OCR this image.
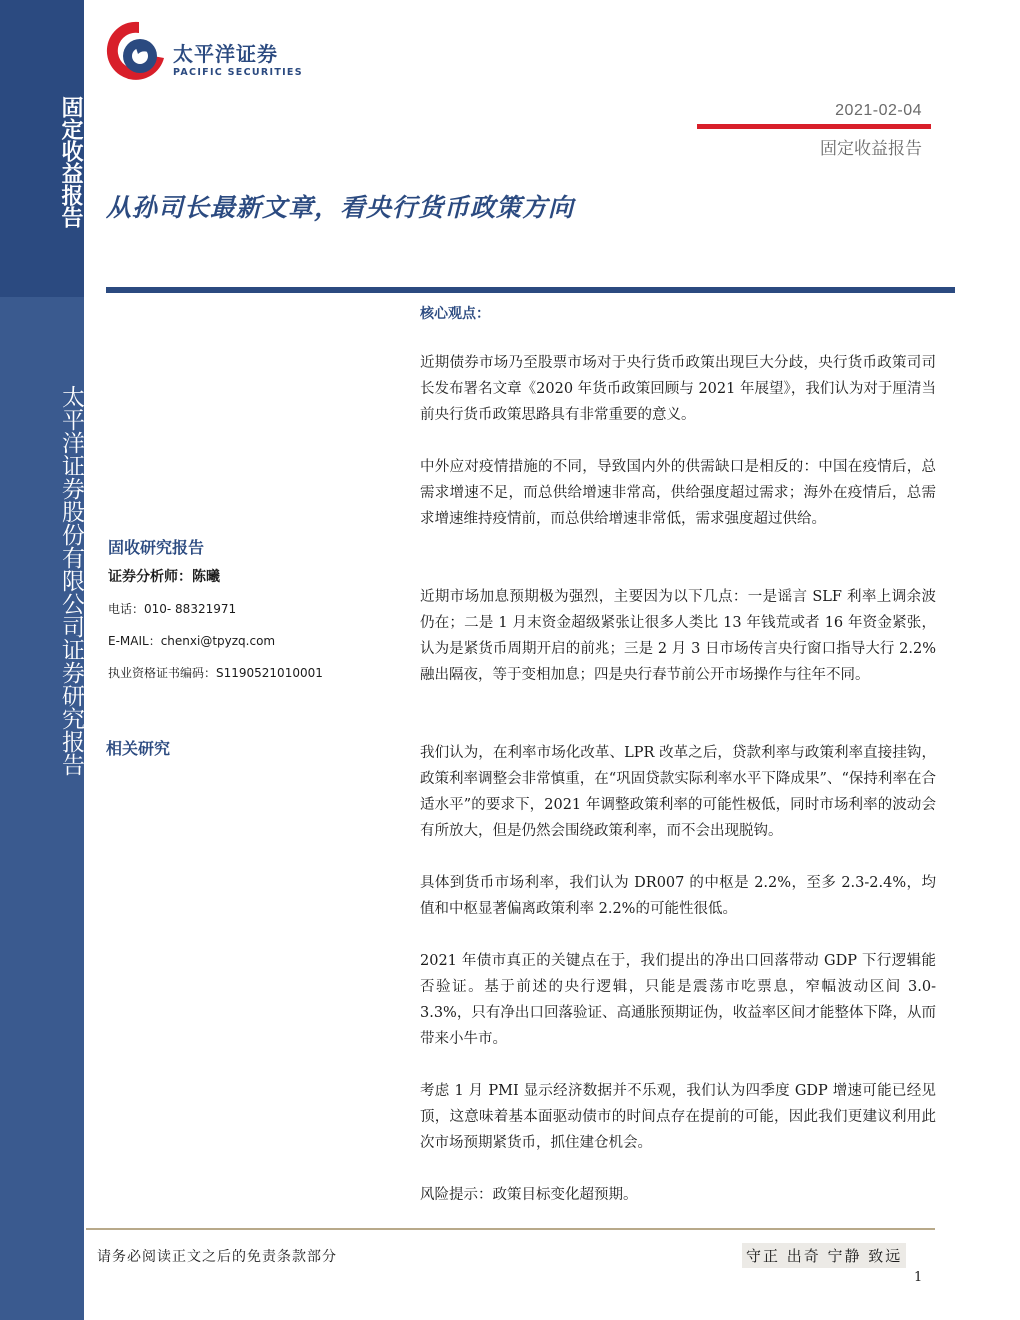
固定收益报告
太平洋证券股份有限公司证券研究报告
太平洋证券
PACIFIC SECURITIES
2021-02-04
固定收益报告
从孙司长最新文章，看央行货币政策方向
固收研究报告
证券分析师：陈曦
电话：010- 88321971
E-MAIL：chenxi@tpyzq.com
执业资格证书编码：S1190521010001
相关研究
核心观点：

近期债券市场乃至股票市场对于央行货币政策出现巨大分歧，央行货币政策司司长发布署名文章《2020 年货币政策回顾与 2021 年展望》，我们认为对于厘清当前央行货币政策思路具有非常重要的意义。

中外应对疫情措施的不同，导致国内外的供需缺口是相反的：中国在疫情后，总需求增速不足，而总供给增速非常高，供给强度超过需求；海外在疫情后，总需求增速维持疫情前，而总供给增速非常低，需求强度超过供给。

近期市场加息预期极为强烈，主要因为以下几点：一是谣言 SLF 利率上调余波仍在；二是 1 月末资金超级紧张让很多人类比 13 年钱荒或者 16 年资金紧张，认为是紧货币周期开启的前兆；三是 2 月 3 日市场传言央行窗口指导大行 2.2%融出隔夜，等于变相加息；四是央行春节前公开市场操作与往年不同。

我们认为，在利率市场化改革、LPR 改革之后，贷款利率与政策利率直接挂钩，政策利率调整会非常慎重，在“巩固贷款实际利率水平下降成果”、“保持利率在合适水平”的要求下，2021 年调整政策利率的可能性极低，同时市场利率的波动会有所放大，但是仍然会围绕政策利率，而不会出现脱钩。

具体到货币市场利率，我们认为 DR007 的中枢是 2.2%，至多 2.3-2.4%，均值和中枢显著偏离政策利率 2.2%的可能性很低。

2021 年债市真正的关键点在于，我们提出的净出口回落带动 GDP 下行逻辑能否验证。基于前述的央行逻辑，只能是震荡市吃票息，窄幅波动区间 3.0-3.3%，只有净出口回落验证、高通胀预期证伪，收益率区间才能整体下降，从而带来小牛市。

考虑 1 月 PMI 显示经济数据并不乐观，我们认为四季度 GDP 增速可能已经见顶，这意味着基本面驱动债市的时间点存在提前的可能，因此我们更建议利用此次市场预期紧货币，抓住建仓机会。

风险提示：政策目标变化超预期。

请务必阅读正文之后的免责条款部分	守正 出奇 宁静 致远
1
